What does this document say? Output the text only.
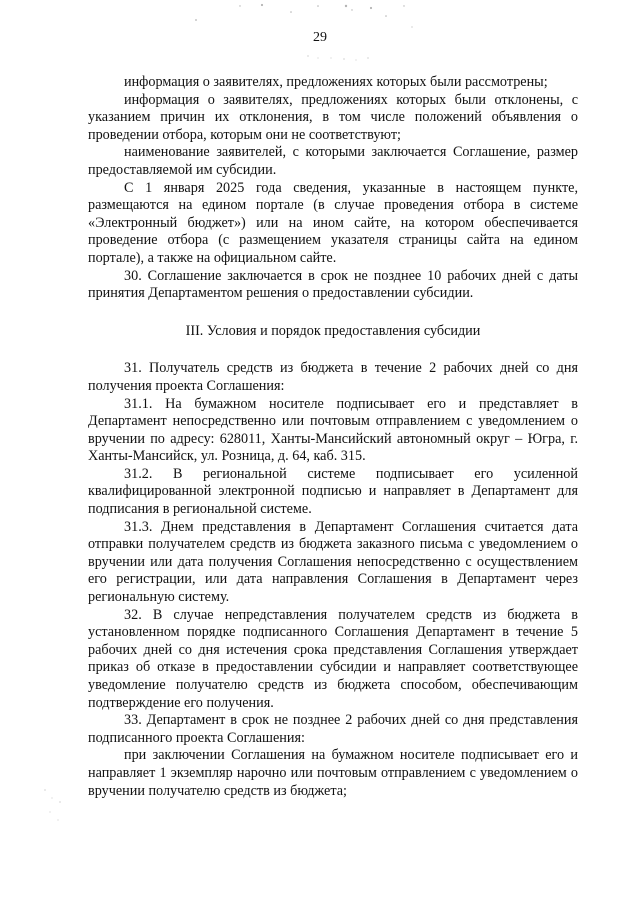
29

информация о заявителях, предложениях которых были рассмотрены;

информация о заявителях, предложениях которых были отклонены, с указанием причин их отклонения, в том числе положений объявления о проведении отбора, которым они не соответствуют;

наименование заявителей, с которыми заключается Соглашение, размер предоставляемой им субсидии.

С 1 января 2025 года сведения, указанные в настоящем пункте, размещаются на едином портале (в случае проведения отбора в системе «Электронный бюджет») или на ином сайте, на котором обеспечивается проведение отбора (с размещением указателя страницы сайта на едином портале), а также на официальном сайте.

30. Соглашение заключается в срок не позднее 10 рабочих дней с даты принятия Департаментом решения о предоставлении субсидии.

III. Условия и порядок предоставления субсидии

31. Получатель средств из бюджета в течение 2 рабочих дней со дня получения проекта Соглашения:

31.1. На бумажном носителе подписывает его и представляет в Департамент непосредственно или почтовым отправлением с уведомлением о вручении по адресу: 628011, Ханты-Мансийский автономный округ – Югра, г. Ханты-Мансийск, ул. Розница, д. 64, каб. 315.

31.2. В региональной системе подписывает его усиленной квалифицированной электронной подписью и направляет в Департамент для подписания в региональной системе.

31.3. Днем представления в Департамент Соглашения считается дата отправки получателем средств из бюджета заказного письма с уведомлением о вручении или дата получения Соглашения непосредственно с осуществлением его регистрации, или дата направления Соглашения в Департамент через региональную систему.

32. В случае непредставления получателем средств из бюджета в установленном порядке подписанного Соглашения Департамент в течение 5 рабочих дней со дня истечения срока представления Соглашения утверждает приказ об отказе в предоставлении субсидии и направляет соответствующее уведомление получателю средств из бюджета способом, обеспечивающим подтверждение его получения.

33. Департамент в срок не позднее 2 рабочих дней со дня представления подписанного проекта Соглашения:

при заключении Соглашения на бумажном носителе подписывает его и направляет 1 экземпляр нарочно или почтовым отправлением с уведомлением о вручении получателю средств из бюджета;
